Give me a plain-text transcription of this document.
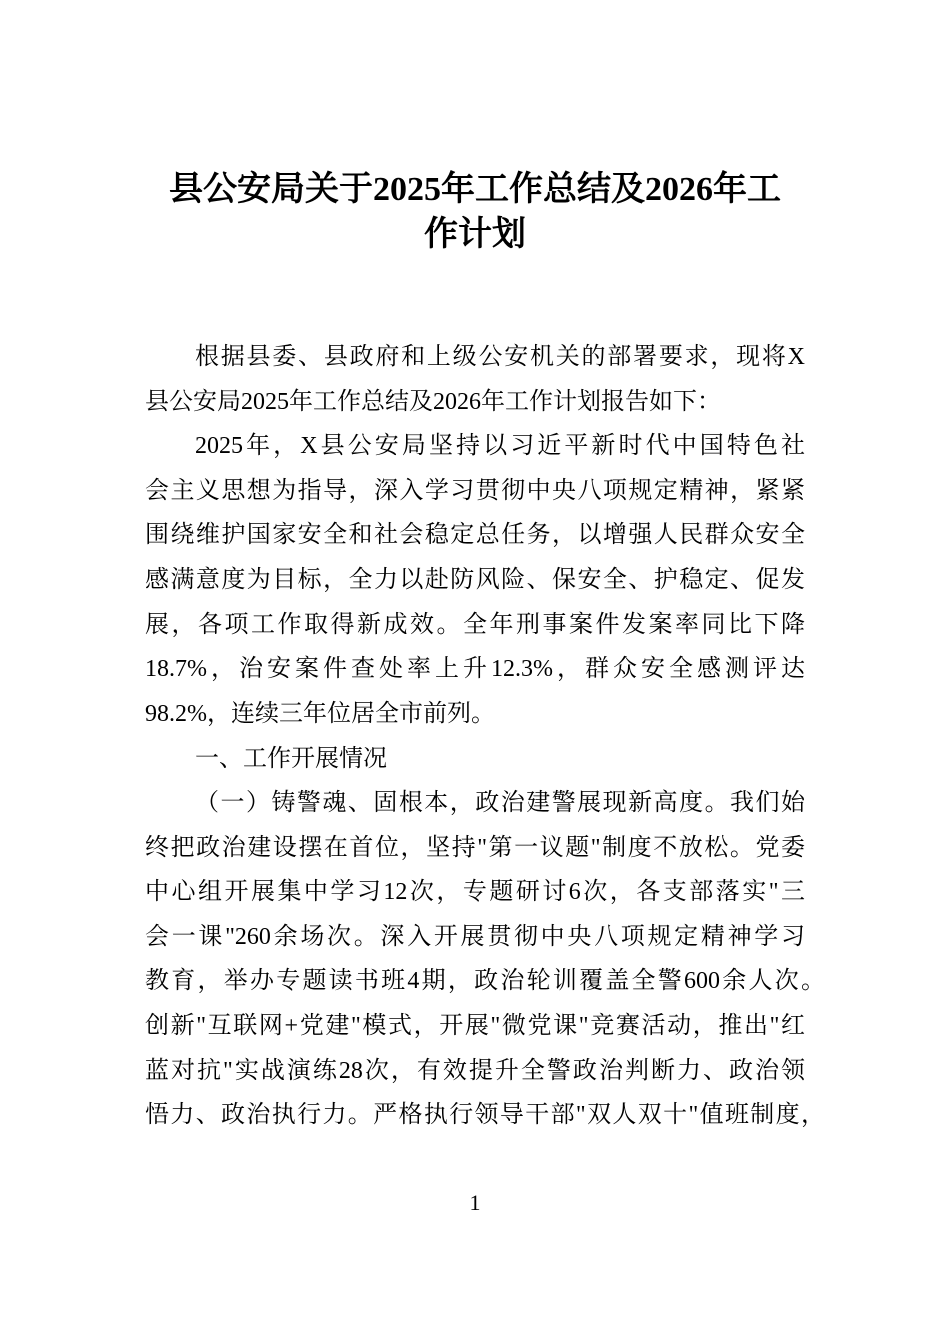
县公安局关于2025年工作总结及2026年工
作计划
根据县委、县政府和上级公安机关的部署要求，现将X
县公安局2025年工作总结及2026年工作计划报告如下：
2025年，X县公安局坚持以习近平新时代中国特色社
会主义思想为指导，深入学习贯彻中央八项规定精神，紧紧
围绕维护国家安全和社会稳定总任务，以增强人民群众安全
感满意度为目标，全力以赴防风险、保安全、护稳定、促发
展，各项工作取得新成效。全年刑事案件发案率同比下降
18.7%，治安案件查处率上升12.3%，群众安全感测评达
98.2%，连续三年位居全市前列。
一、工作开展情况
（一）铸警魂、固根本，政治建警展现新高度。我们始
终把政治建设摆在首位，坚持"第一议题"制度不放松。党委
中心组开展集中学习12次，专题研讨6次，各支部落实"三
会一课"260余场次。深入开展贯彻中央八项规定精神学习
教育，举办专题读书班4期，政治轮训覆盖全警600余人次。
创新"互联网+党建"模式，开展"微党课"竞赛活动，推出"红
蓝对抗"实战演练28次，有效提升全警政治判断力、政治领
悟力、政治执行力。严格执行领导干部"双人双十"值班制度，
1
